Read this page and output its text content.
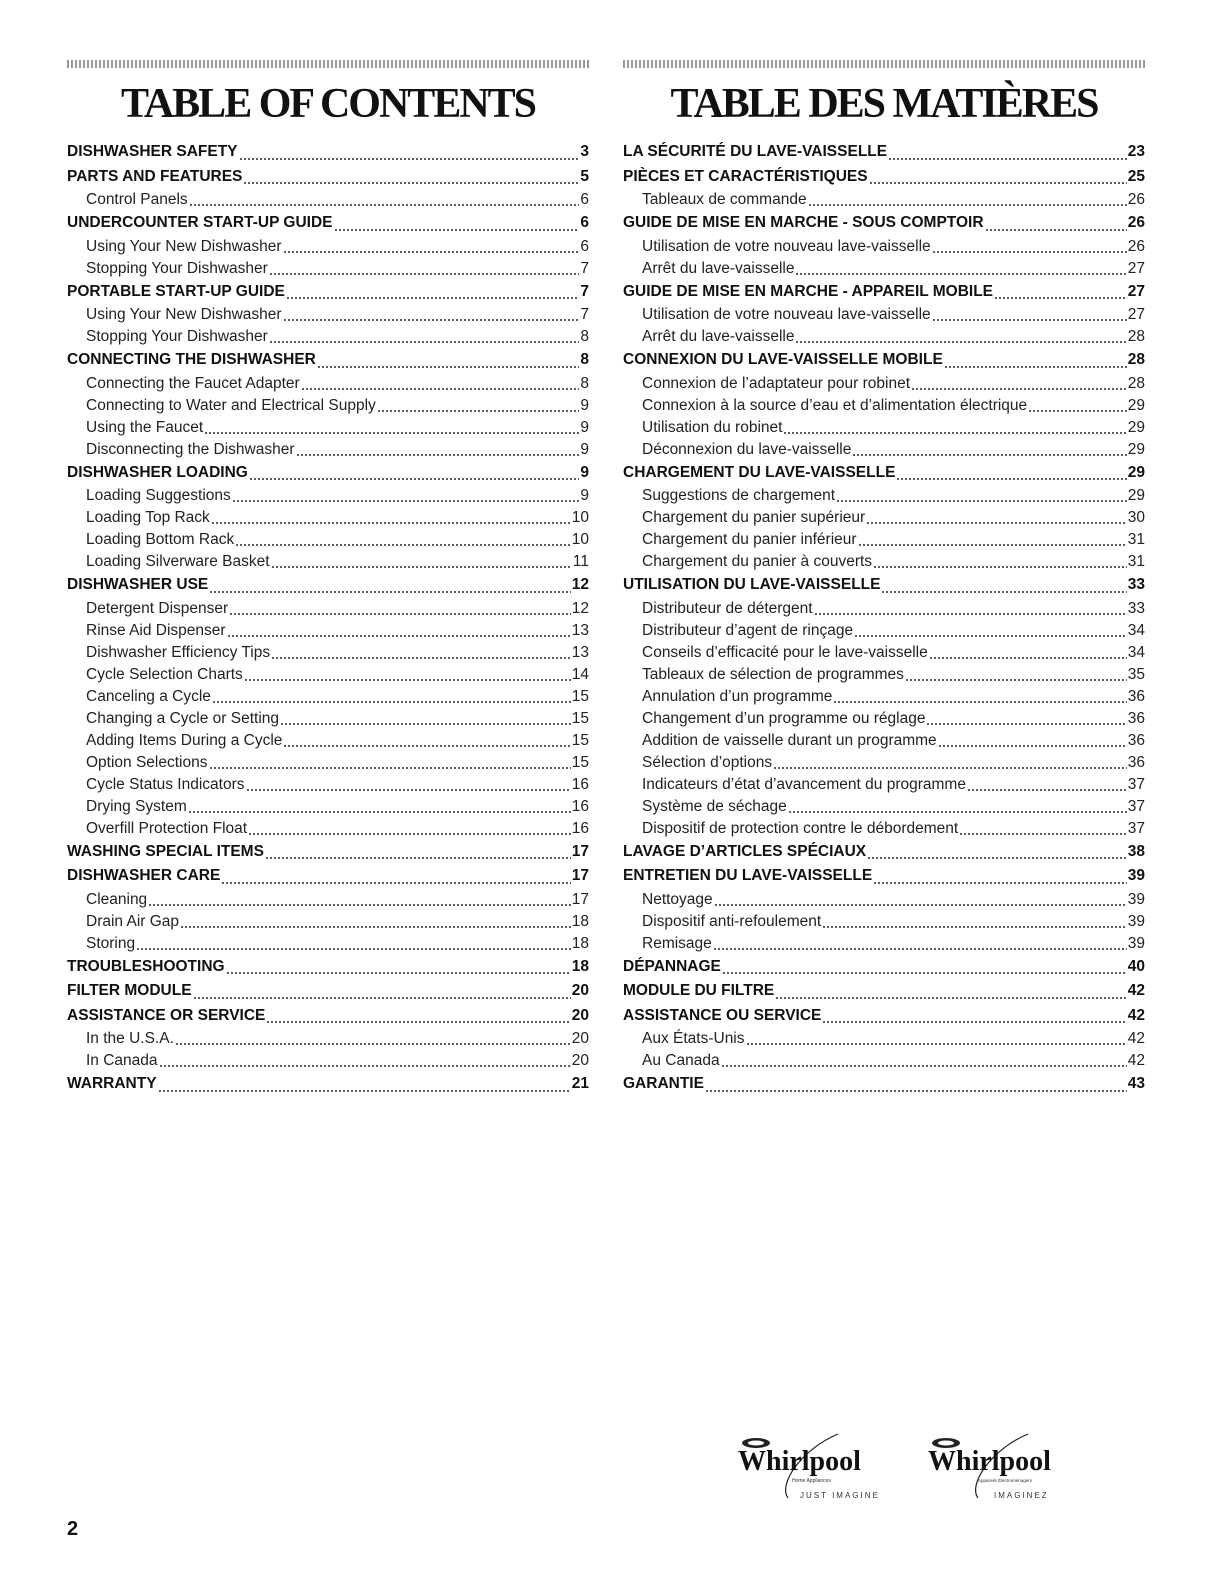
TABLE OF CONTENTS
DISHWASHER SAFETY	3
PARTS AND FEATURES	5
Control Panels	6
UNDERCOUNTER START-UP GUIDE	6
Using Your New Dishwasher	6
Stopping Your Dishwasher	7
PORTABLE START-UP GUIDE	7
Using Your New Dishwasher	7
Stopping Your Dishwasher	8
CONNECTING THE DISHWASHER	8
Connecting the Faucet Adapter	8
Connecting to Water and Electrical Supply	9
Using the Faucet	9
Disconnecting the Dishwasher	9
DISHWASHER LOADING	9
Loading Suggestions	9
Loading Top Rack	10
Loading Bottom Rack	10
Loading Silverware Basket	11
DISHWASHER USE	12
Detergent Dispenser	12
Rinse Aid Dispenser	13
Dishwasher Efficiency Tips	13
Cycle Selection Charts	14
Canceling a Cycle	15
Changing a Cycle or Setting	15
Adding Items During a Cycle	15
Option Selections	15
Cycle Status Indicators	16
Drying System	16
Overfill Protection Float	16
WASHING SPECIAL ITEMS	17
DISHWASHER CARE	17
Cleaning	17
Drain Air Gap	18
Storing	18
TROUBLESHOOTING	18
FILTER MODULE	20
ASSISTANCE OR SERVICE	20
In the U.S.A.	20
In Canada	20
WARRANTY	21
TABLE DES MATIÈRES
LA SÉCURITÉ DU LAVE-VAISSELLE	23
PIÈCES ET CARACTÉRISTIQUES	25
Tableaux de commande	26
GUIDE DE MISE EN MARCHE - SOUS COMPTOIR	26
Utilisation de votre nouveau lave-vaisselle	26
Arrêt du lave-vaisselle	27
GUIDE DE MISE EN MARCHE - APPAREIL MOBILE	27
Utilisation de votre nouveau lave-vaisselle	27
Arrêt du lave-vaisselle	28
CONNEXION DU LAVE-VAISSELLE MOBILE	28
Connexion de l’adaptateur pour robinet	28
Connexion à la source d’eau et d’alimentation électrique	29
Utilisation du robinet	29
Déconnexion du lave-vaisselle	29
CHARGEMENT DU LAVE-VAISSELLE	29
Suggestions de chargement	29
Chargement du panier supérieur	30
Chargement du panier inférieur	31
Chargement du panier à couverts	31
UTILISATION DU LAVE-VAISSELLE	33
Distributeur de détergent	33
Distributeur d’agent de rinçage	34
Conseils d’efficacité pour le lave-vaisselle	34
Tableaux de sélection de programmes	35
Annulation d’un programme	36
Changement d’un programme ou réglage	36
Addition de vaisselle durant un programme	36
Sélection d’options	36
Indicateurs d’état d’avancement du programme	37
Système de séchage	37
Dispositif de protection contre le débordement	37
LAVAGE D’ARTICLES SPÉCIAUX	38
ENTRETIEN DU LAVE-VAISSELLE	39
Nettoyage	39
Dispositif anti-refoulement	39
Remisage	39
DÉPANNAGE	40
MODULE DU FILTRE	42
ASSISTANCE OU SERVICE	42
Aux États-Unis	42
Au Canada	42
GARANTIE	43
Whirlpool
Home Appliances
JUST IMAGINE
Whirlpool
Appareils Électroménagers
IMAGINEZ
2
